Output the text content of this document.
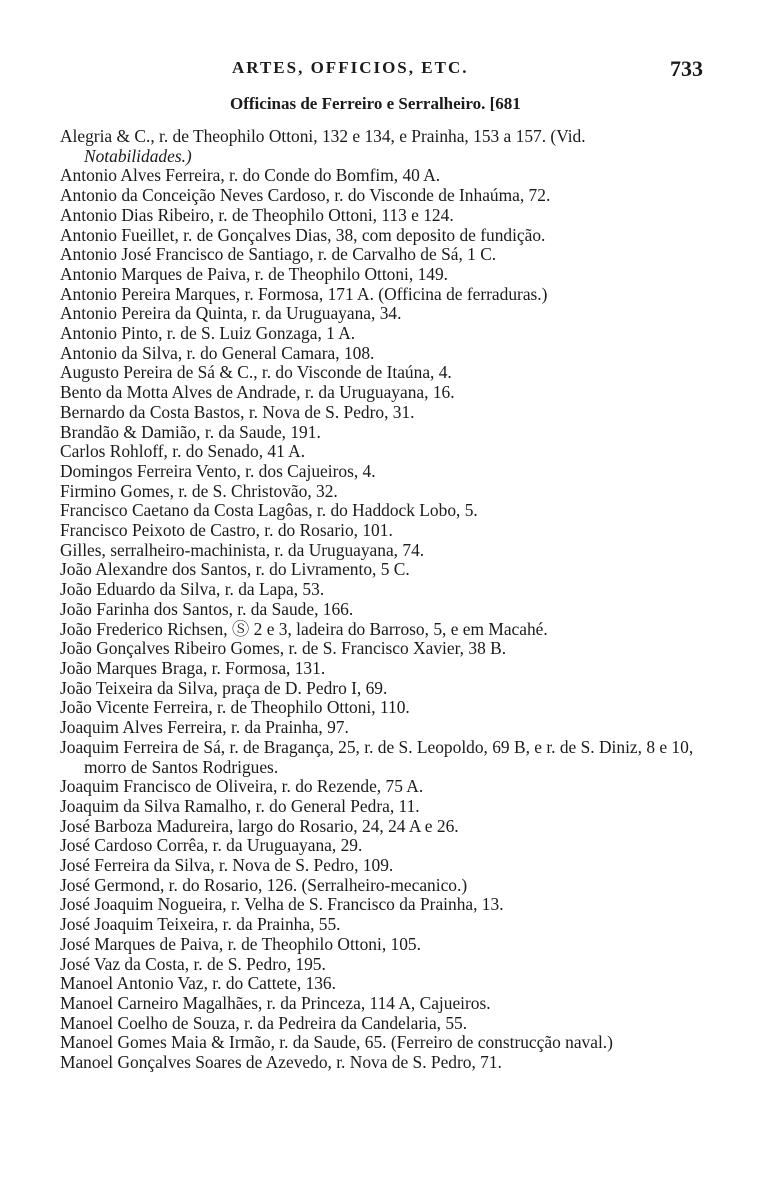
ARTES, OFFICIOS, ETC.	733
Officinas de Ferreiro e Serralheiro. [681
Alegria & C., r. de Theophilo Ottoni, 132 e 134, e Prainha, 153 a 157. (Vid.
Notabilidades.)
Antonio Alves Ferreira, r. do Conde do Bomfim, 40 A.
Antonio da Conceição Neves Cardoso, r. do Visconde de Inhaúma, 72.
Antonio Dias Ribeiro, r. de Theophilo Ottoni, 113 e 124.
Antonio Fueillet, r. de Gonçalves Dias, 38, com deposito de fundição.
Antonio José Francisco de Santiago, r. de Carvalho de Sá, 1 C.
Antonio Marques de Paiva, r. de Theophilo Ottoni, 149.
Antonio Pereira Marques, r. Formosa, 171 A. (Officina de ferraduras.)
Antonio Pereira da Quinta, r. da Uruguayana, 34.
Antonio Pinto, r. de S. Luiz Gonzaga, 1 A.
Antonio da Silva, r. do General Camara, 108.
Augusto Pereira de Sá & C., r. do Visconde de Itaúna, 4.
Bento da Motta Alves de Andrade, r. da Uruguayana, 16.
Bernardo da Costa Bastos, r. Nova de S. Pedro, 31.
Brandão & Damião, r. da Saude, 191.
Carlos Rohloff, r. do Senado, 41 A.
Domingos Ferreira Vento, r. dos Cajueiros, 4.
Firmino Gomes, r. de S. Christovão, 32.
Francisco Caetano da Costa Lagôas, r. do Haddock Lobo, 5.
Francisco Peixoto de Castro, r. do Rosario, 101.
Gilles, serralheiro-machinista, r. da Uruguayana, 74.
João Alexandre dos Santos, r. do Livramento, 5 C.
João Eduardo da Silva, r. da Lapa, 53.
João Farinha dos Santos, r. da Saude, 166.
João Frederico Richsen, Ⓢ 2 e 3, ladeira do Barroso, 5, e em Macahé.
João Gonçalves Ribeiro Gomes, r. de S. Francisco Xavier, 38 B.
João Marques Braga, r. Formosa, 131.
João Teixeira da Silva, praça de D. Pedro I, 69.
João Vicente Ferreira, r. de Theophilo Ottoni, 110.
Joaquim Alves Ferreira, r. da Prainha, 97.
Joaquim Ferreira de Sá, r. de Bragança, 25, r. de S. Leopoldo, 69 B, e r. de S. Diniz, 8 e 10, morro de Santos Rodrigues.
Joaquim Francisco de Oliveira, r. do Rezende, 75 A.
Joaquim da Silva Ramalho, r. do General Pedra, 11.
José Barboza Madureira, largo do Rosario, 24, 24 A e 26.
José Cardoso Corrêa, r. da Uruguayana, 29.
José Ferreira da Silva, r. Nova de S. Pedro, 109.
José Germond, r. do Rosario, 126. (Serralheiro-mecanico.)
José Joaquim Nogueira, r. Velha de S. Francisco da Prainha, 13.
José Joaquim Teixeira, r. da Prainha, 55.
José Marques de Paiva, r. de Theophilo Ottoni, 105.
José Vaz da Costa, r. de S. Pedro, 195.
Manoel Antonio Vaz, r. do Cattete, 136.
Manoel Carneiro Magalhães, r. da Princeza, 114 A, Cajueiros.
Manoel Coelho de Souza, r. da Pedreira da Candelaria, 55.
Manoel Gomes Maia & Irmão, r. da Saude, 65. (Ferreiro de construcção naval.)
Manoel Gonçalves Soares de Azevedo, r. Nova de S. Pedro, 71.
